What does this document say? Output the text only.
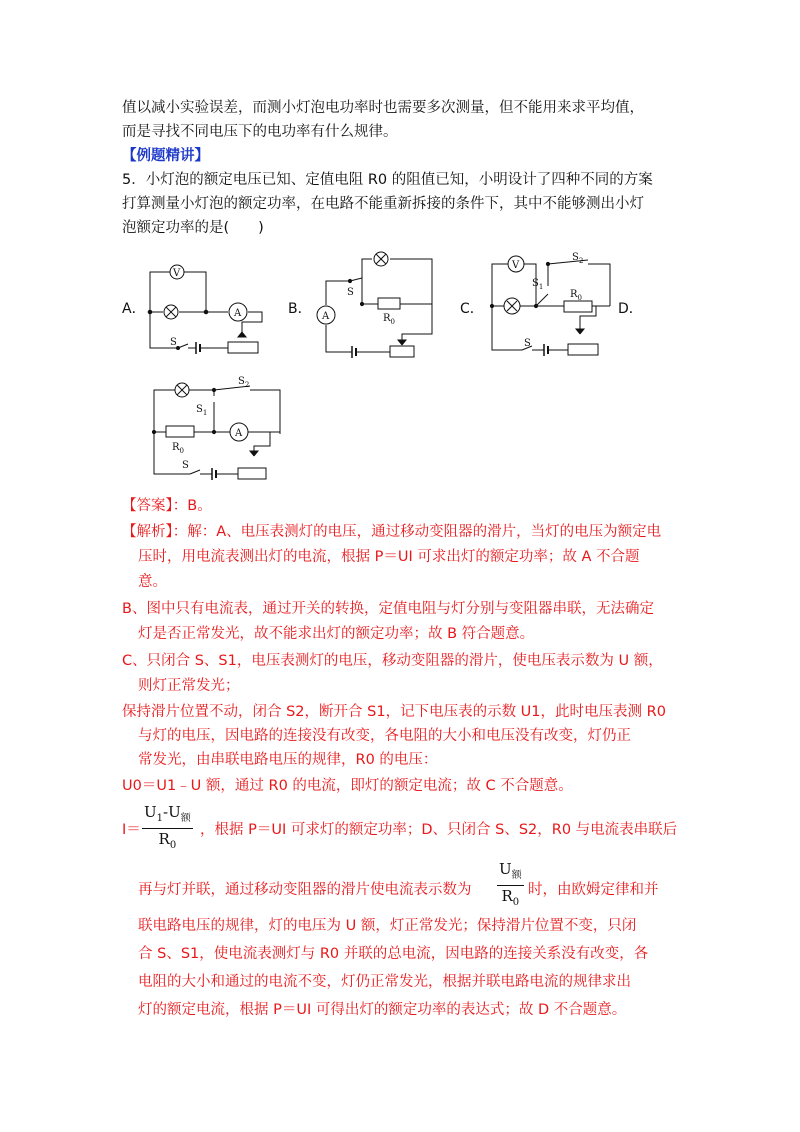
值以减小实验误差，而测小灯泡电功率时也需要多次测量，但不能用来求平均值，
而是寻找不同电压下的电功率有什么规律。
【例题精讲】
5．小灯泡的额定电压已知、定值电阻 R0 的阻值已知，小明设计了四种不同的方案
打算测量小灯泡的额定功率，在电路不能重新拆接的条件下，其中不能够测出小灯
泡额定功率的是(　　)
A．	B．	C．	D．
V
A
S
A
S
$R_0$
V
S
$S_1$
$S_2$
$R_0$
A
S
$S_1$
$S_2$
$R_0$
【答案】：B。
【解析】：解：A、电压表测灯的电压，通过移动变阻器的滑片，当灯的电压为额定电
压时，用电流表测出灯的电流，根据 P＝UI 可求出灯的额定功率；故 A 不合题
意。
B、图中只有电流表，通过开关的转换，定值电阻与灯分别与变阻器串联，无法确定
灯是否正常发光，故不能求出灯的额定功率；故 B 符合题意。
C、只闭合 S、S1，电压表测灯的电压，移动变阻器的滑片，使电压表示数为 U 额，
则灯正常发光；
保持滑片位置不动，闭合 S2，断开合 S1，记下电压表的示数 U1，此时电压表测 R0
与灯的电压，因电路的连接没有改变，各电阻的大小和电压没有改变，灯仍正
常发光，由串联电路电压的规律，R0 的电压：
U0＝U1﹣U 额，通过 R0 的电流，即灯的额定电流；故 C 不合题意。
I＝
$U_1-U_额$
$R_0$
，根据 P＝UI 可求灯的额定功率；D、只闭合 S、S2，R0 与电流表串联后
再与灯并联，通过移动变阻器的滑片使电流表示数为
$U_额$
$R_0$
时，由欧姆定律和并
联电路电压的规律，灯的电压为 U 额，灯正常发光；保持滑片位置不变，只闭
合 S、S1，使电流表测灯与 R0 并联的总电流，因电路的连接关系没有改变，各
电阻的大小和通过的电流不变，灯仍正常发光，根据并联电路电流的规律求出
灯的额定电流，根据 P＝UI 可得出灯的额定功率的表达式；故 D 不合题意。
